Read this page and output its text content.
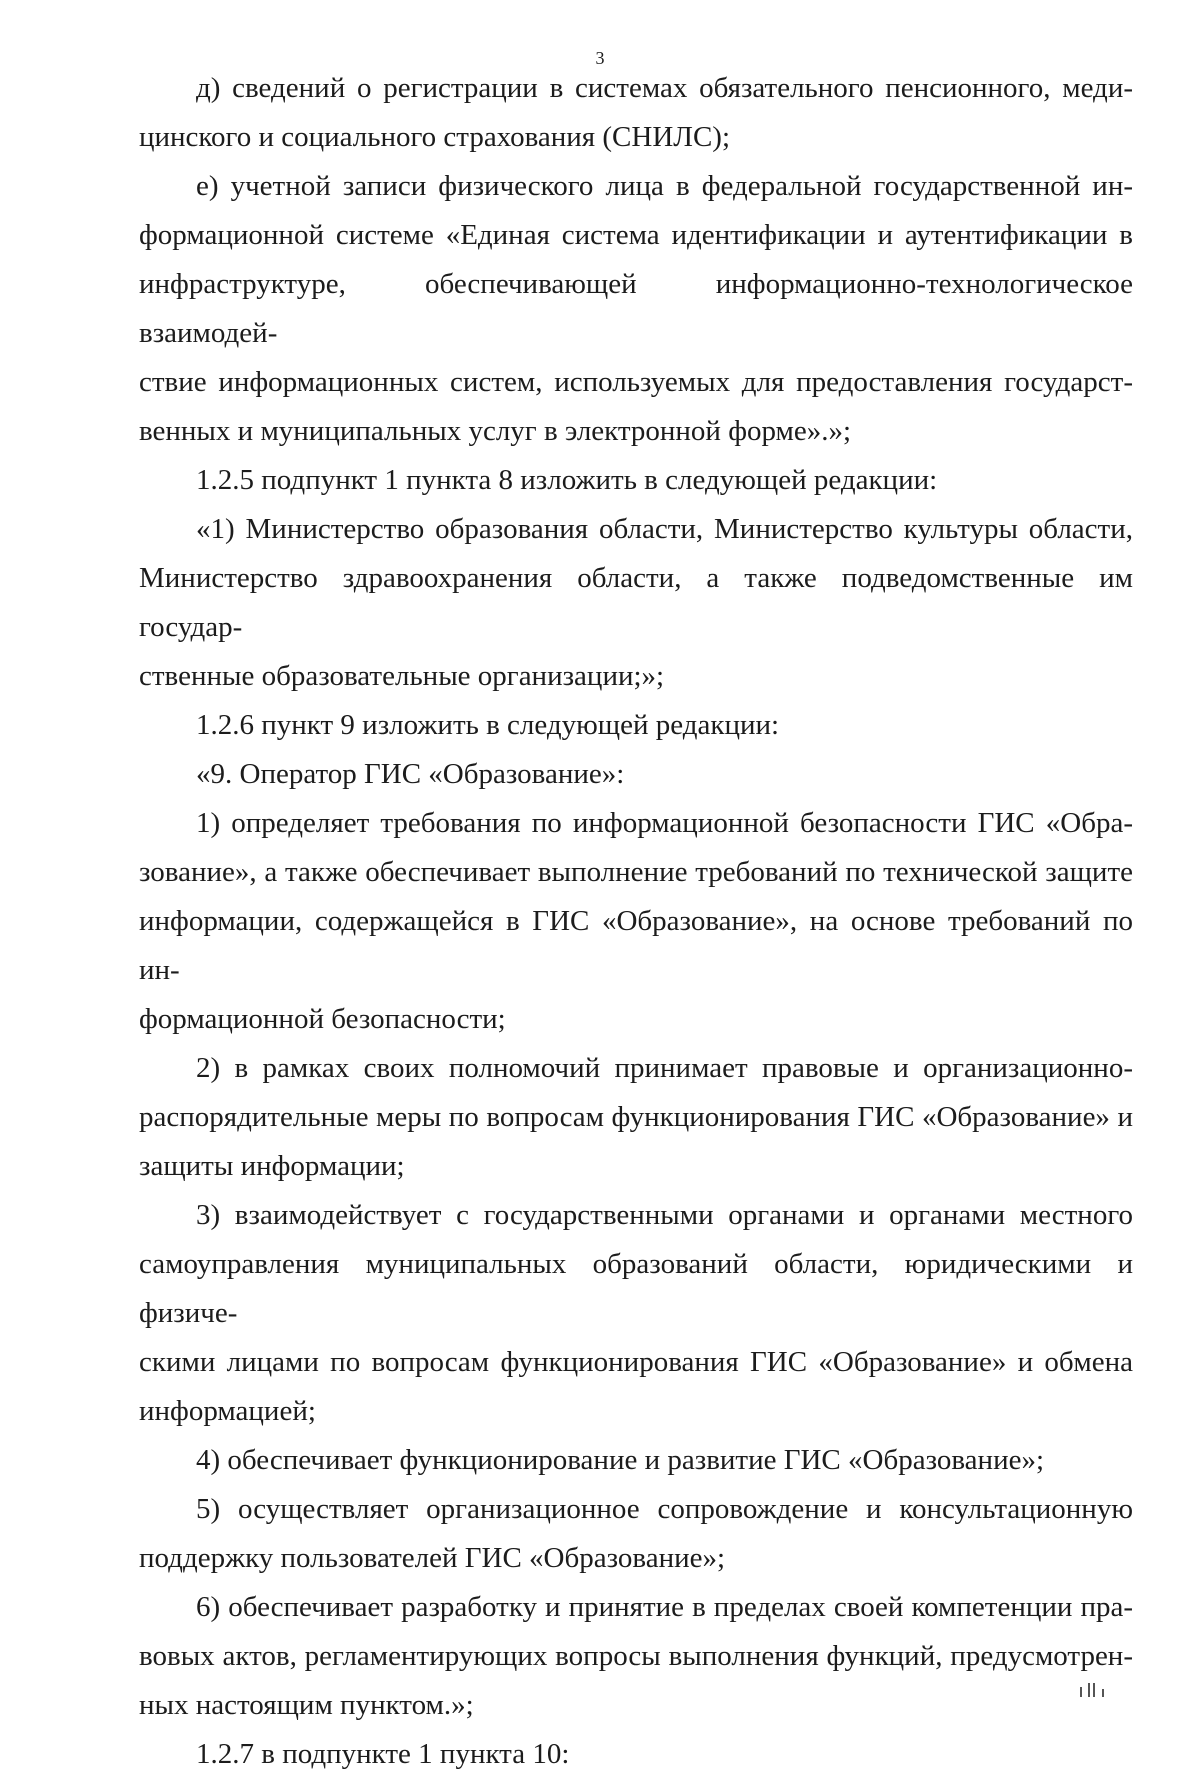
3

д) сведений о регистрации в системах обязательного пенсионного, меди-
цинского и социального страхования (СНИЛС);

е) учетной записи физического лица в федеральной государственной ин-
формационной системе «Единая система идентификации и аутентификации в
инфраструктуре, обеспечивающей информационно-технологическое взаимодей-
ствие информационных систем, используемых для предоставления государст-
венных и муниципальных услуг в электронной форме».»;

1.2.5 подпункт 1 пункта 8 изложить в следующей редакции:

«1) Министерство образования области, Министерство культуры области,
Министерство здравоохранения области, а также подведомственные им государ-
ственные образовательные организации;»;

1.2.6 пункт 9 изложить в следующей редакции:

«9. Оператор ГИС «Образование»:

1) определяет требования по информационной безопасности ГИС «Обра-
зование», а также обеспечивает выполнение требований по технической защите
информации, содержащейся в ГИС «Образование», на основе требований по ин-
формационной безопасности;

2) в рамках своих полномочий принимает правовые и организационно-
распорядительные меры по вопросам функционирования ГИС «Образование» и
защиты информации;

3) взаимодействует с государственными органами и органами местного
самоуправления муниципальных образований области, юридическими и физиче-
скими лицами по вопросам функционирования ГИС «Образование» и обмена
информацией;

4) обеспечивает функционирование и развитие ГИС «Образование»;

5) осуществляет организационное сопровождение и консультационную
поддержку пользователей ГИС «Образование»;

6) обеспечивает разработку и принятие в пределах своей компетенции пра-
вовых актов, регламентирующих вопросы выполнения функций, предусмотрен-
ных настоящим пунктом.»;

1.2.7 в подпункте 1 пункта 10:
